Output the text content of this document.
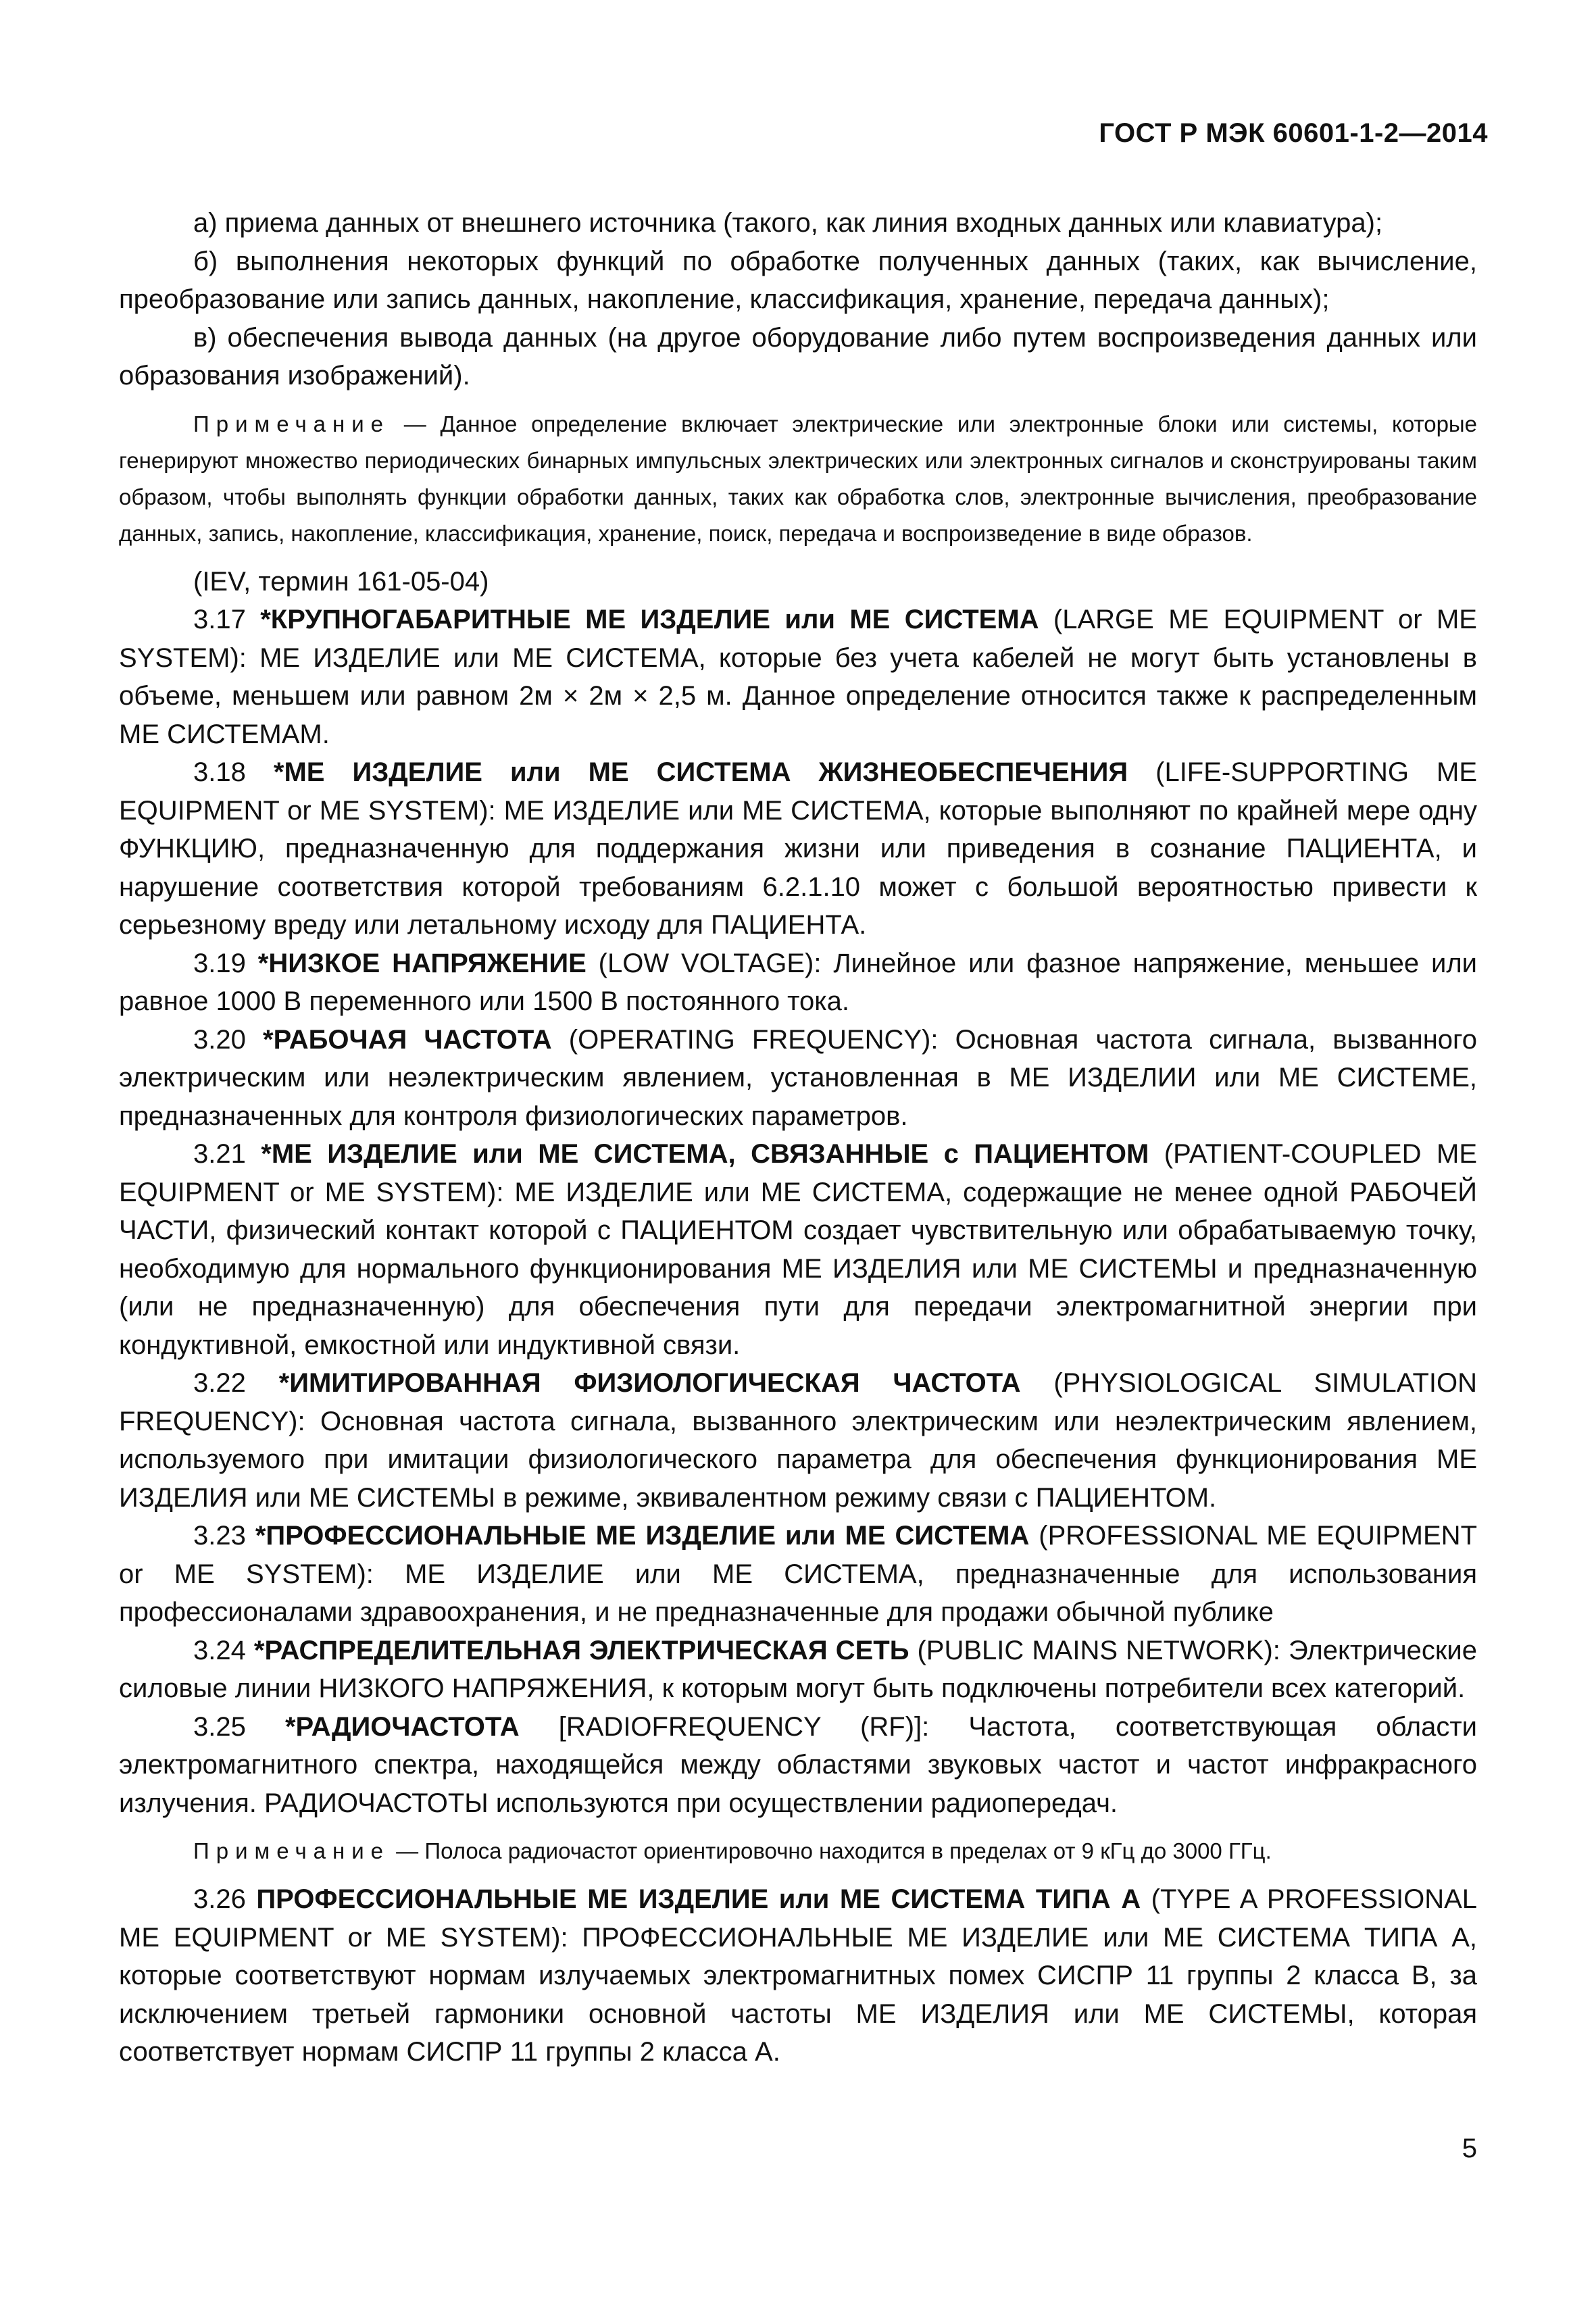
ГОСТ Р МЭК 60601-1-2—2014

а) приема данных от внешнего источника (такого, как линия входных данных или клавиатура);

б) выполнения некоторых функций по обработке полученных данных (таких, как вычисление, преобразование или запись данных, накопление, классификация, хранение, передача данных);

в) обеспечения вывода данных (на другое оборудование либо путем воспроизведения данных или образования изображений).

Примечание — Данное определение включает электрические или электронные блоки или системы, которые генерируют множество периодических бинарных импульсных электрических или электронных сигналов и сконструированы таким образом, чтобы выполнять функции обработки данных, таких как обработка слов, электронные вычисления, преобразование данных, запись, накопление, классификация, хранение, поиск, передача и воспроизведение в виде образов.

(IEV, термин 161-05-04)

3.17 *КРУПНОГАБАРИТНЫЕ МЕ ИЗДЕЛИЕ или МЕ СИСТЕМА (LARGE ME EQUIPMENT or ME SYSTEM): МЕ ИЗДЕЛИЕ или МЕ СИСТЕМА, которые без учета кабелей не могут быть установлены в объеме, меньшем или равном 2м × 2м × 2,5 м. Данное определение относится также к распределенным МЕ СИСТЕМАМ.

3.18 *МЕ ИЗДЕЛИЕ или МЕ СИСТЕМА ЖИЗНЕОБЕСПЕЧЕНИЯ (LIFE-SUPPORTING ME EQUIPMENT or ME SYSTEM): МЕ ИЗДЕЛИЕ или МЕ СИСТЕМА, которые выполняют по крайней мере одну ФУНКЦИЮ, предназначенную для поддержания жизни или приведения в сознание ПАЦИЕНТА, и нарушение соответствия которой требованиям 6.2.1.10 может с большой вероятностью привести к серьезному вреду или летальному исходу для ПАЦИЕНТА.

3.19 *НИЗКОЕ НАПРЯЖЕНИЕ (LOW VOLTAGE): Линейное или фазное напряжение, меньшее или равное 1000 В переменного или 1500 В постоянного тока.

3.20 *РАБОЧАЯ ЧАСТОТА (OPERATING FREQUENCY): Основная частота сигнала, вызванного электрическим или неэлектрическим явлением, установленная в МЕ ИЗДЕЛИИ или МЕ СИСТЕМЕ, предназначенных для контроля физиологических параметров.

3.21 *МЕ ИЗДЕЛИЕ или МЕ СИСТЕМА, СВЯЗАННЫЕ с ПАЦИЕНТОМ (PATIENT-COUPLED ME EQUIPMENT or ME SYSTEM): МЕ ИЗДЕЛИЕ или МЕ СИСТЕМА, содержащие не менее одной РАБОЧЕЙ ЧАСТИ, физический контакт которой с ПАЦИЕНТОМ создает чувствительную или обрабатываемую точку, необходимую для нормального функционирования МЕ ИЗДЕЛИЯ или МЕ СИСТЕМЫ и предназначенную (или не предназначенную) для обеспечения пути для передачи электромагнитной энергии при кондуктивной, емкостной или индуктивной связи.

3.22 *ИМИТИРОВАННАЯ ФИЗИОЛОГИЧЕСКАЯ ЧАСТОТА (PHYSIOLOGICAL SIMULATION FREQUENCY): Основная частота сигнала, вызванного электрическим или неэлектрическим явлением, используемого при имитации физиологического параметра для обеспечения функционирования МЕ ИЗДЕЛИЯ или МЕ СИСТЕМЫ в режиме, эквивалентном режиму связи с ПАЦИЕНТОМ.

3.23 *ПРОФЕССИОНАЛЬНЫЕ МЕ ИЗДЕЛИЕ или МЕ СИСТЕМА (PROFESSIONAL ME EQUIPMENT or ME SYSTEM): МЕ ИЗДЕЛИЕ или МЕ СИСТЕМА, предназначенные для использования профессионалами здравоохранения, и не предназначенные для продажи обычной публике

3.24 *РАСПРЕДЕЛИТЕЛЬНАЯ ЭЛЕКТРИЧЕСКАЯ СЕТЬ (PUBLIC MAINS NETWORK): Электрические силовые линии НИЗКОГО НАПРЯЖЕНИЯ, к которым могут быть подключены потребители всех категорий.

3.25 *РАДИОЧАСТОТА [RADIOFREQUENCY (RF)]: Частота, соответствующая области электромагнитного спектра, находящейся между областями звуковых частот и частот инфракрасного излучения. РАДИОЧАСТОТЫ используются при осуществлении радиопередач.

Примечание — Полоса радиочастот ориентировочно находится в пределах от 9 кГц до 3000 ГГц.

3.26 ПРОФЕССИОНАЛЬНЫЕ МЕ ИЗДЕЛИЕ или МЕ СИСТЕМА ТИПА А (TYPE A PROFESSIONAL ME EQUIPMENT or ME SYSTEM): ПРОФЕССИОНАЛЬНЫЕ МЕ ИЗДЕЛИЕ или МЕ СИСТЕМА ТИПА А, которые соответствуют нормам излучаемых электромагнитных помех СИСПР 11 группы 2 класса В, за исключением третьей гармоники основной частоты МЕ ИЗДЕЛИЯ или МЕ СИСТЕМЫ, которая соответствует нормам СИСПР 11 группы 2 класса А.

5
